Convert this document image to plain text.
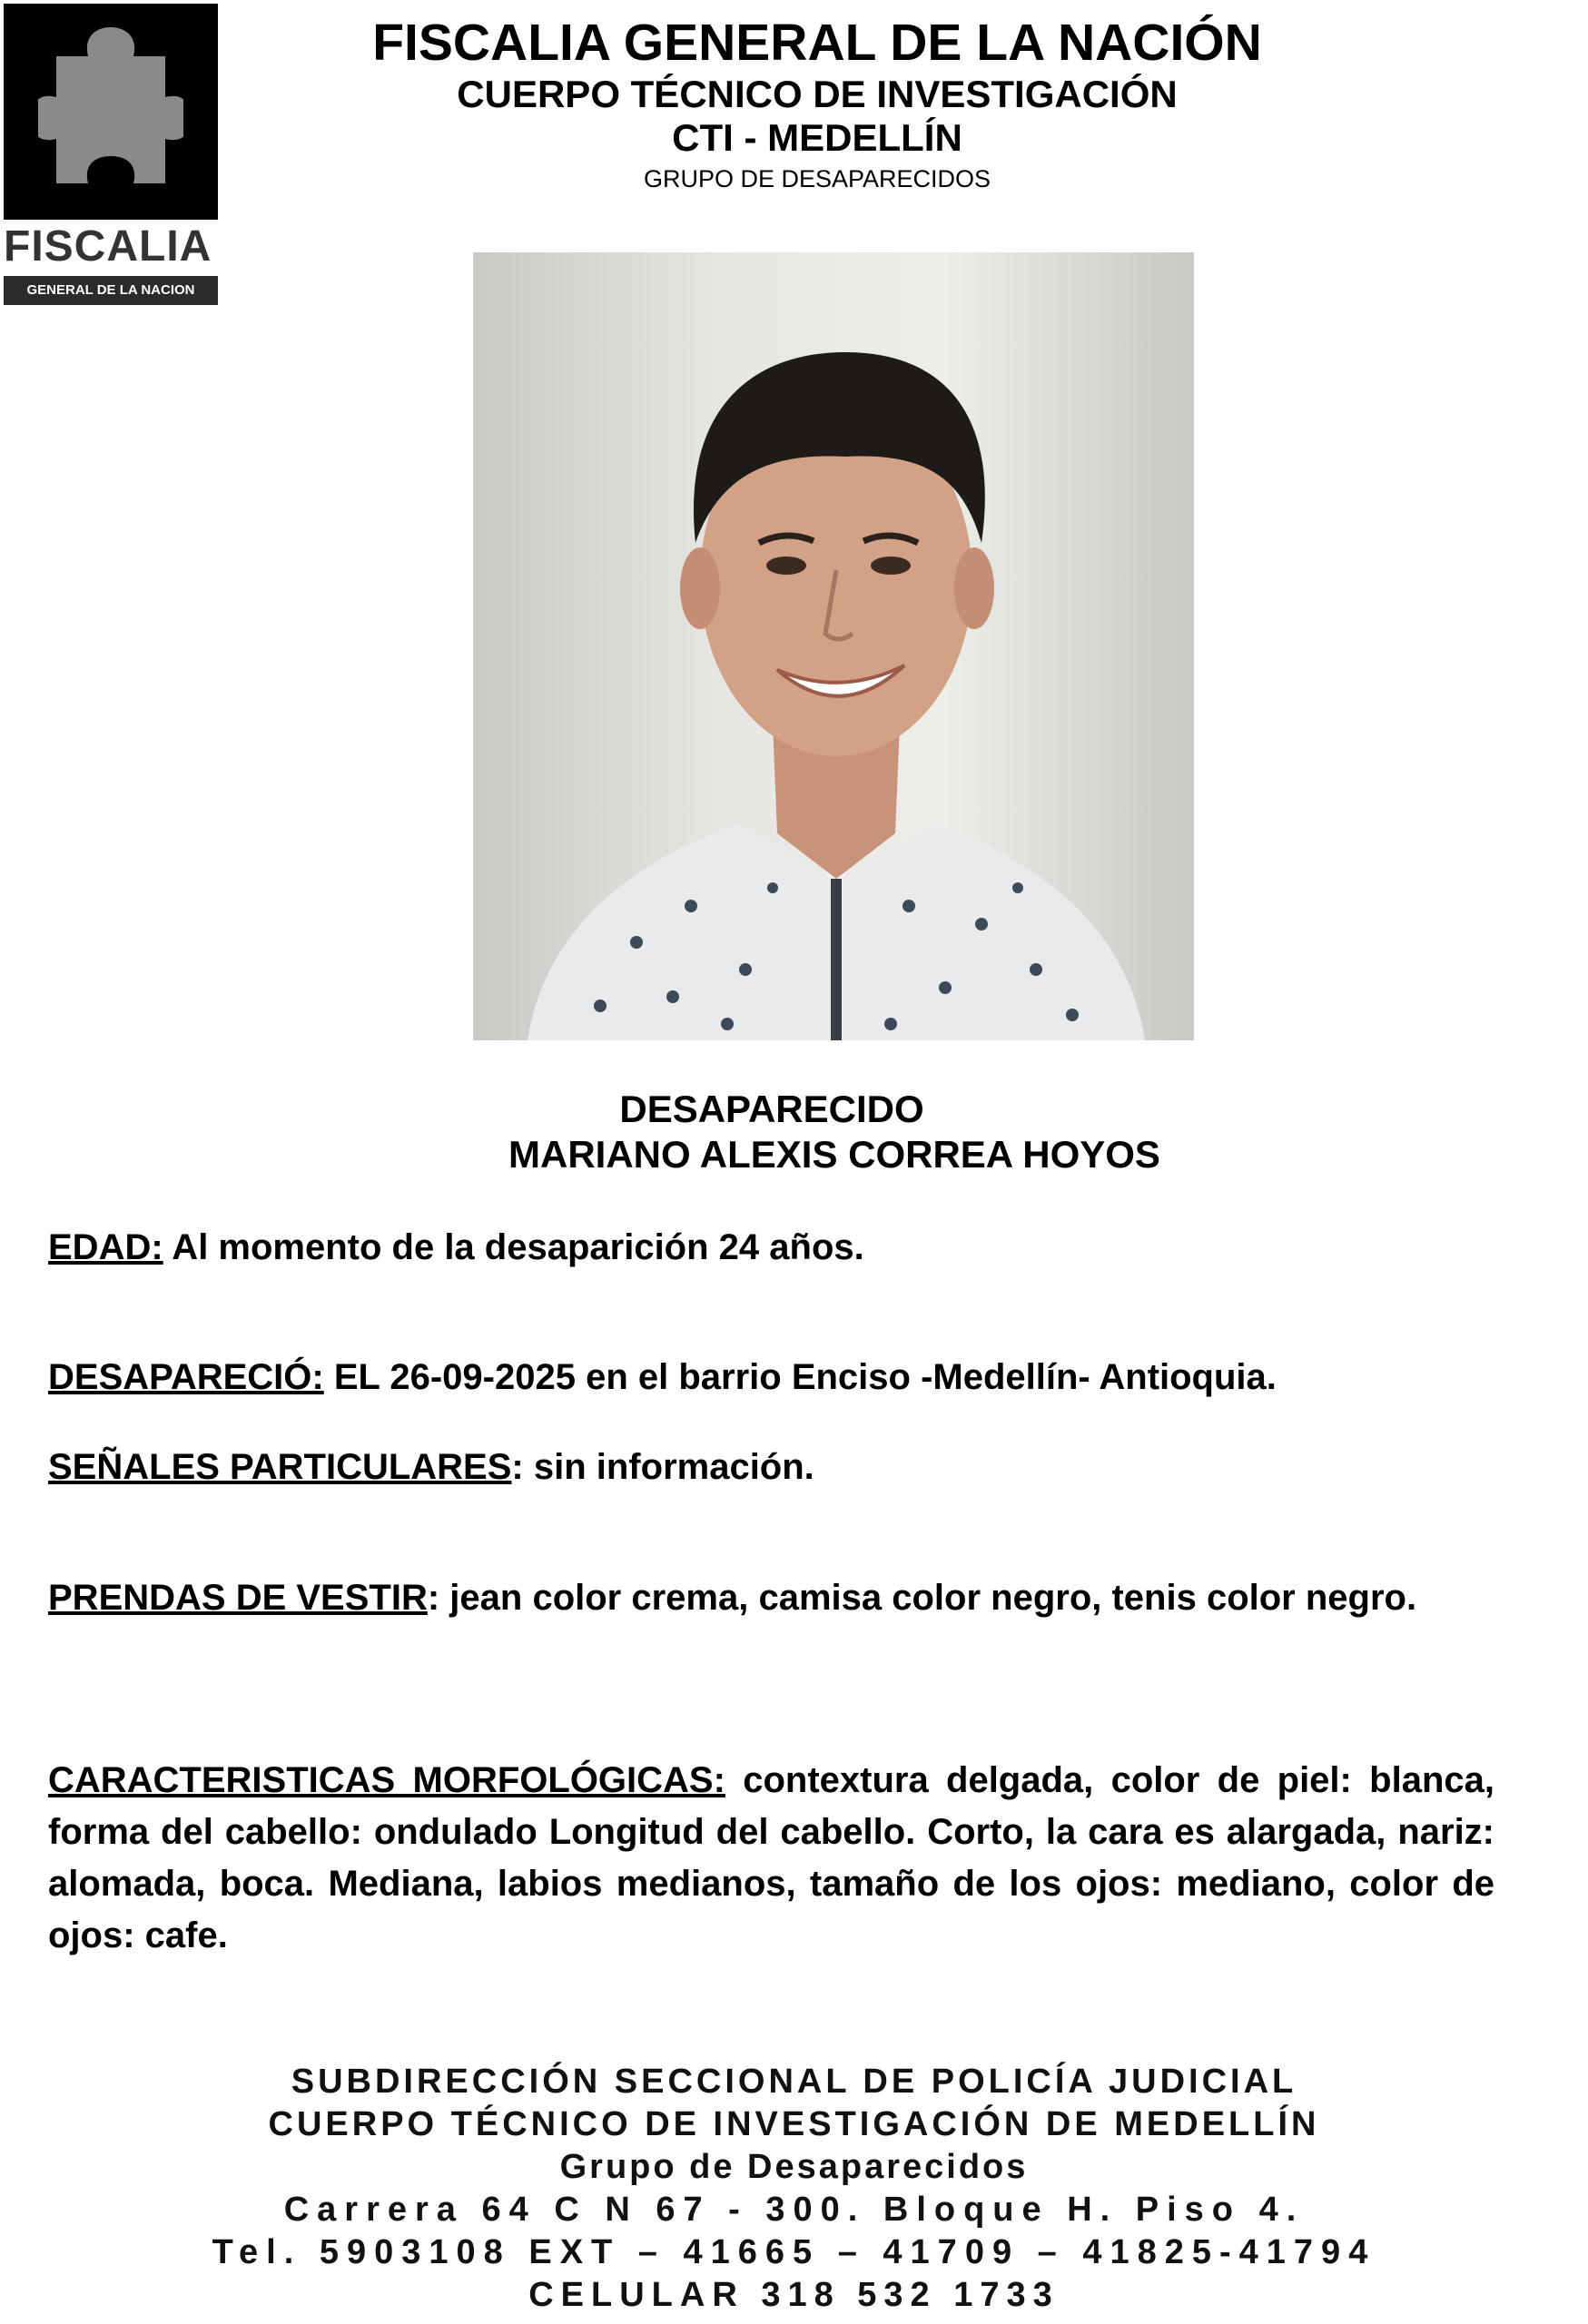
FISCALIA
GENERAL DE LA NACION
FISCALIA GENERAL DE LA NACIÓN
CUERPO TÉCNICO DE INVESTIGACIÓN
CTI - MEDELLÍN
GRUPO DE DESAPARECIDOS
DESAPARECIDO
MARIANO ALEXIS CORREA HOYOS
EDAD: Al momento de la desaparición 24 años.
DESAPARECIÓ: EL 26-09-2025 en el barrio Enciso -Medellín- Antioquia.
SEÑALES PARTICULARES: sin información.
PRENDAS DE VESTIR: jean color crema, camisa color negro, tenis color negro.
CARACTERISTICAS MORFOLÓGICAS: contextura delgada, color de piel: blanca, forma del cabello: ondulado Longitud del cabello. Corto, la cara es alargada, nariz: alomada, boca. Mediana, labios medianos, tamaño de los ojos: mediano, color de ojos: cafe.
SUBDIRECCIÓN SECCIONAL DE POLICÍA JUDICIAL
CUERPO TÉCNICO DE INVESTIGACIÓN DE MEDELLÍN
Grupo de Desaparecidos
Carrera 64 C N 67 - 300. Bloque H. Piso 4.
Tel. 5903108 EXT – 41665 – 41709 – 41825-41794
CELULAR 318 532 1733
